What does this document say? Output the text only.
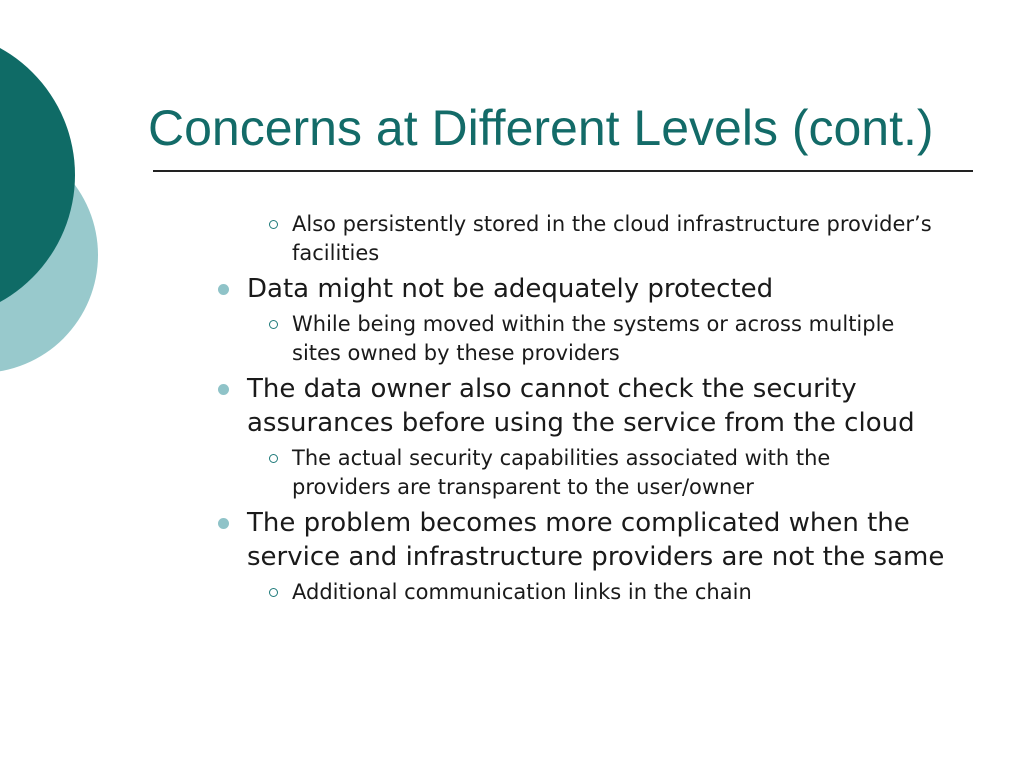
Concerns at Different Levels (cont.)
Also persistently stored in the cloud infrastructure provider’s facilities
Data might not be adequately protected
While being moved within the systems or across multiple sites owned by these providers
The data owner also cannot check the security assurances before using the service from the cloud
The actual security capabilities associated with the providers are transparent to the user/owner
The problem becomes more complicated when the service and infrastructure providers are not the same
Additional communication links in the chain
